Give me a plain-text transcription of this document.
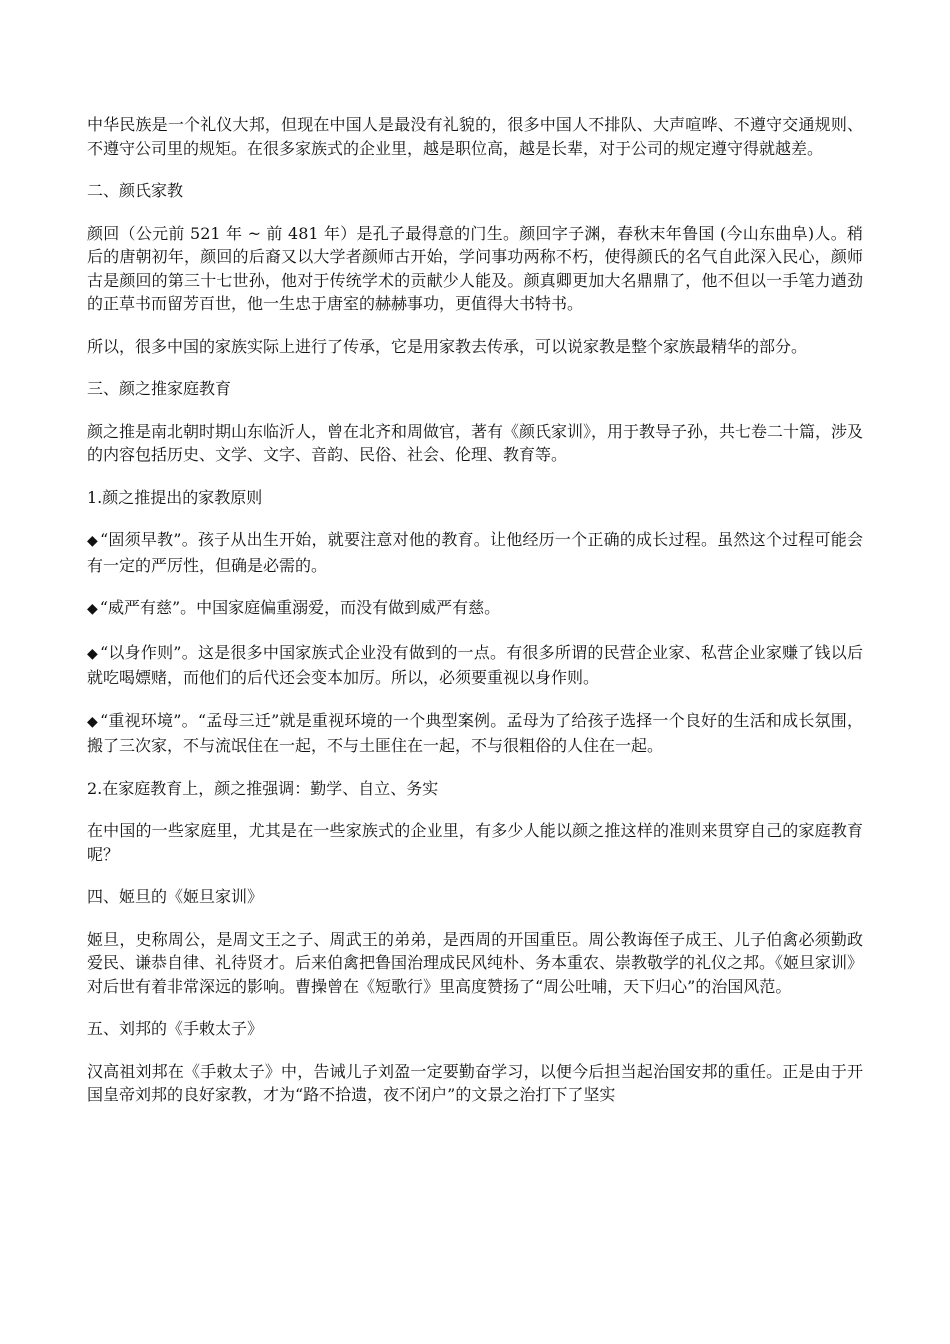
中华民族是一个礼仪大邦，但现在中国人是最没有礼貌的，很多中国人不排队、大声喧哗、不遵守交通规则、不遵守公司里的规矩。在很多家族式的企业里，越是职位高，越是长辈，对于公司的规定遵守得就越差。

二、颜氏家教

颜回（公元前 521 年 ~ 前 481 年）是孔子最得意的门生。颜回字子渊，春秋末年鲁国 (今山东曲阜)人。稍后的唐朝初年，颜回的后裔又以大学者颜师古开始，学问事功两称不朽，使得颜氏的名气自此深入民心，颜师古是颜回的第三十七世孙，他对于传统学术的贡献少人能及。颜真卿更加大名鼎鼎了，他不但以一手笔力遒劲的正草书而留芳百世，他一生忠于唐室的赫赫事功，更值得大书特书。

所以，很多中国的家族实际上进行了传承，它是用家教去传承，可以说家教是整个家族最精华的部分。

三、颜之推家庭教育

颜之推是南北朝时期山东临沂人，曾在北齐和周做官，著有《颜氏家训》，用于教导子孙，共七卷二十篇，涉及的内容包括历史、文学、文字、音韵、民俗、社会、伦理、教育等。

1.颜之推提出的家教原则

◆ “固须早教”。孩子从出生开始，就要注意对他的教育。让他经历一个正确的成长过程。虽然这个过程可能会有一定的严厉性，但确是必需的。

◆ “威严有慈”。中国家庭偏重溺爱，而没有做到威严有慈。

◆ “以身作则”。这是很多中国家族式企业没有做到的一点。有很多所谓的民营企业家、私营企业家赚了钱以后就吃喝嫖赌，而他们的后代还会变本加厉。所以，必须要重视以身作则。

◆ “重视环境”。“孟母三迁”就是重视环境的一个典型案例。孟母为了给孩子选择一个良好的生活和成长氛围，搬了三次家，不与流氓住在一起，不与土匪住在一起，不与很粗俗的人住在一起。

2.在家庭教育上，颜之推强调：勤学、自立、务实

在中国的一些家庭里，尤其是在一些家族式的企业里，有多少人能以颜之推这样的准则来贯穿自己的家庭教育呢？

四、姬旦的《姬旦家训》

姬旦，史称周公，是周文王之子、周武王的弟弟，是西周的开国重臣。周公教诲侄子成王、儿子伯禽必须勤政爱民、谦恭自律、礼待贤才。后来伯禽把鲁国治理成民风纯朴、务本重农、崇教敬学的礼仪之邦。《姬旦家训》对后世有着非常深远的影响。曹操曾在《短歌行》里高度赞扬了“周公吐哺，天下归心”的治国风范。

五、刘邦的《手敕太子》

汉高祖刘邦在《手敕太子》中，告诫儿子刘盈一定要勤奋学习，以便今后担当起治国安邦的重任。正是由于开国皇帝刘邦的良好家教，才为“路不拾遗，夜不闭户”的文景之治打下了坚实
